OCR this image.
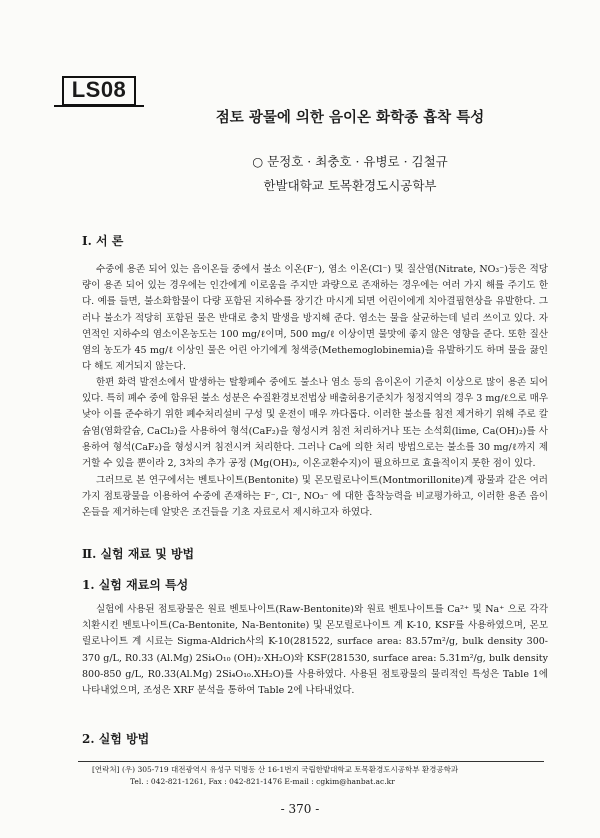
LS08
점토 광물에 의한 음이온 화학종 흡착 특성
○ 문정호 · 최충호 · 유병로 · 김철규
한발대학교 토목환경도시공학부
Ⅰ. 서 론

수중에 용존 되어 있는 음이온들 중에서 불소 이온(F⁻), 염소 이온(Cl⁻) 및 질산염(Nitrate, NO₃⁻)등은 적당량이 용존 되어 있는 경우에는 인간에게 이로움을 주지만 과량으로 존재하는 경우에는 여러 가지 해를 주기도 한다. 예를 들면, 불소화합물이 다량 포함된 지하수를 장기간 마시게 되면 어린이에게 치아결핍현상을 유발한다. 그러나 불소가 적당히 포함된 물은 반대로 충치 발생을 방지해 준다. 염소는 물을 살균하는데 널리 쓰이고 있다. 자연적인 지하수의 염소이온농도는 100 mg/ℓ이며, 500 mg/ℓ 이상이면 물맛에 좋지 않은 영향을 준다. 또한 질산염의 농도가 45 mg/ℓ 이상인 물은 어린 아기에게 청색증(Methemoglobinemia)을 유발하기도 하며 물을 끓인다 해도 제거되지 않는다.

한편 화력 발전소에서 발생하는 탈황폐수 중에도 불소나 염소 등의 음이온이 기준치 이상으로 많이 용존 되어 있다. 특히 폐수 중에 함유된 불소 성분은 수질환경보전법상 배출허용기준치가 청정지역의 경우 3 mg/ℓ으로 매우 낮아 이를 준수하기 위한 폐수처리설비 구성 및 운전이 매우 까다롭다. 이러한 불소를 침전 제거하기 위해 주로 칼슘염(염화칼슘, CaCl₂)을 사용하여 형석(CaF₂)을 형성시켜 침전 처리하거나 또는 소석회(lime, Ca(OH)₂)를 사용하여 형석(CaF₂)을 형성시켜 침전시켜 처리한다. 그러나 Ca에 의한 처리 방법으로는 불소를 30 mg/ℓ까지 제거할 수 있을 뿐이라 2, 3차의 추가 공정 (Mg(OH)₂, 이온교환수지)이 필요하므로 효율적이지 못한 점이 있다.

그러므로 본 연구에서는 벤토나이트(Bentonite) 및 몬모릴로나이트(Montmorillonite)계 광물과 같은 여러 가지 점토광물을 이용하여 수중에 존재하는 F⁻, Cl⁻, NO₃⁻ 에 대한 흡착능력을 비교평가하고, 이러한 용존 음이온들을 제거하는데 알맞은 조건들을 기초 자료로서 제시하고자 하였다.

Ⅱ. 실험 재료 및 방법
1. 실험 재료의 특성

실험에 사용된 점토광물은 원료 벤토나이트(Raw-Bentonite)와 원료 벤토나이트를 Ca²⁺ 및 Na⁺ 으로 각각 치환시킨 벤토나이트(Ca-Bentonite, Na-Bentonite) 및 몬모릴로나이트 계 K-10, KSF를 사용하였으며, 몬모릴로나이트 계 시료는 Sigma-Aldrich사의 K-10(281522, surface area: 83.57m²/g, bulk density 300-370 g/L, R0.33 (Al.Mg) 2Si₄O₁₀ (OH)₂·XH₂O)와 KSF(281530, surface area: 5.31m²/g, bulk density 800-850 g/L, R0.33(Al.Mg) 2Si₄O₁₀.XH₂O)를 사용하였다. 사용된 점토광물의 물리적인 특성은 Table 1에 나타내었으며, 조성은 XRF 분석을 통하여 Table 2에 나타내었다.

2. 실험 방법
[연락처] (우) 305-719 대전광역시 유성구 덕명동 산 16-1번지 국립한밭대학교 토목환경도시공학부 환경공학과
Tel. : 042-821-1261, Fax : 042-821-1476 E-mail : cgkim@hanbat.ac.kr
- 370 -
